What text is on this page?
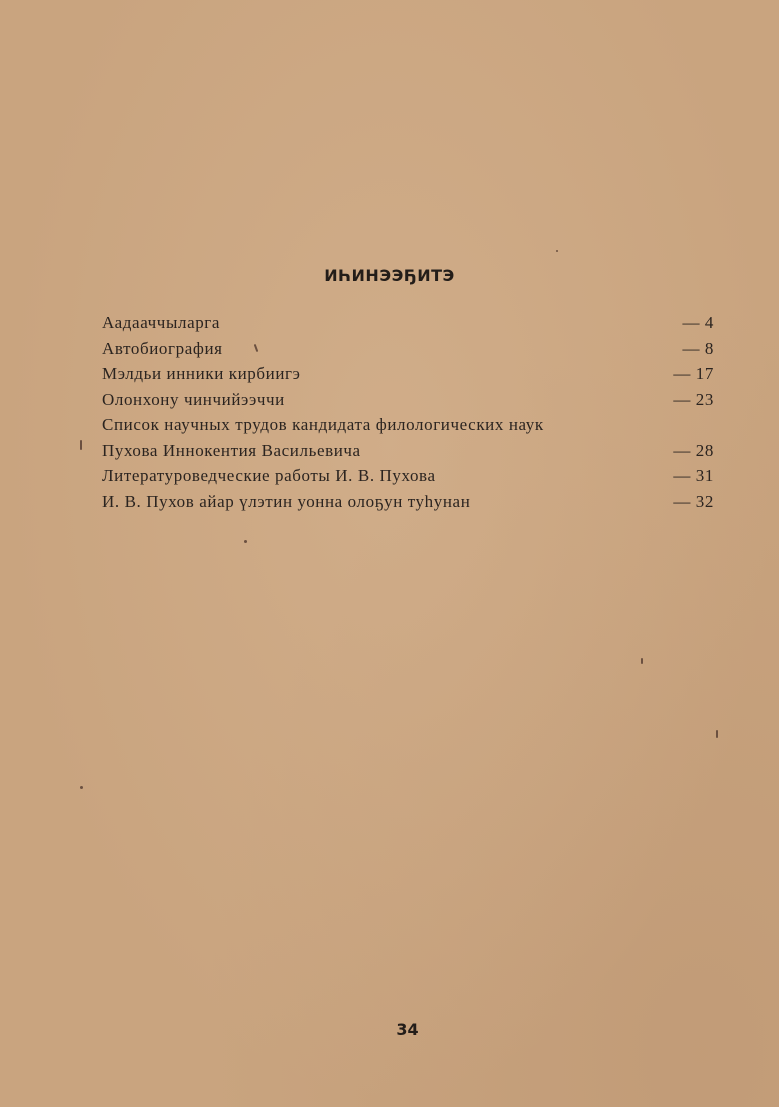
ИҺИНЭЭҔИТЭ
Аадааччыларга	— 4
Автобиография	— 8
Мэлдьи инники кирбиигэ	— 17
Олонхону чинчийээччи	— 23
Список научных трудов кандидата филологических наук
Пухова Иннокентия Васильевича	— 28
Литературоведческие работы И. В. Пухова	— 31
И. В. Пухов айар үлэтин уонна олоҕун туһунан	— 32
34
